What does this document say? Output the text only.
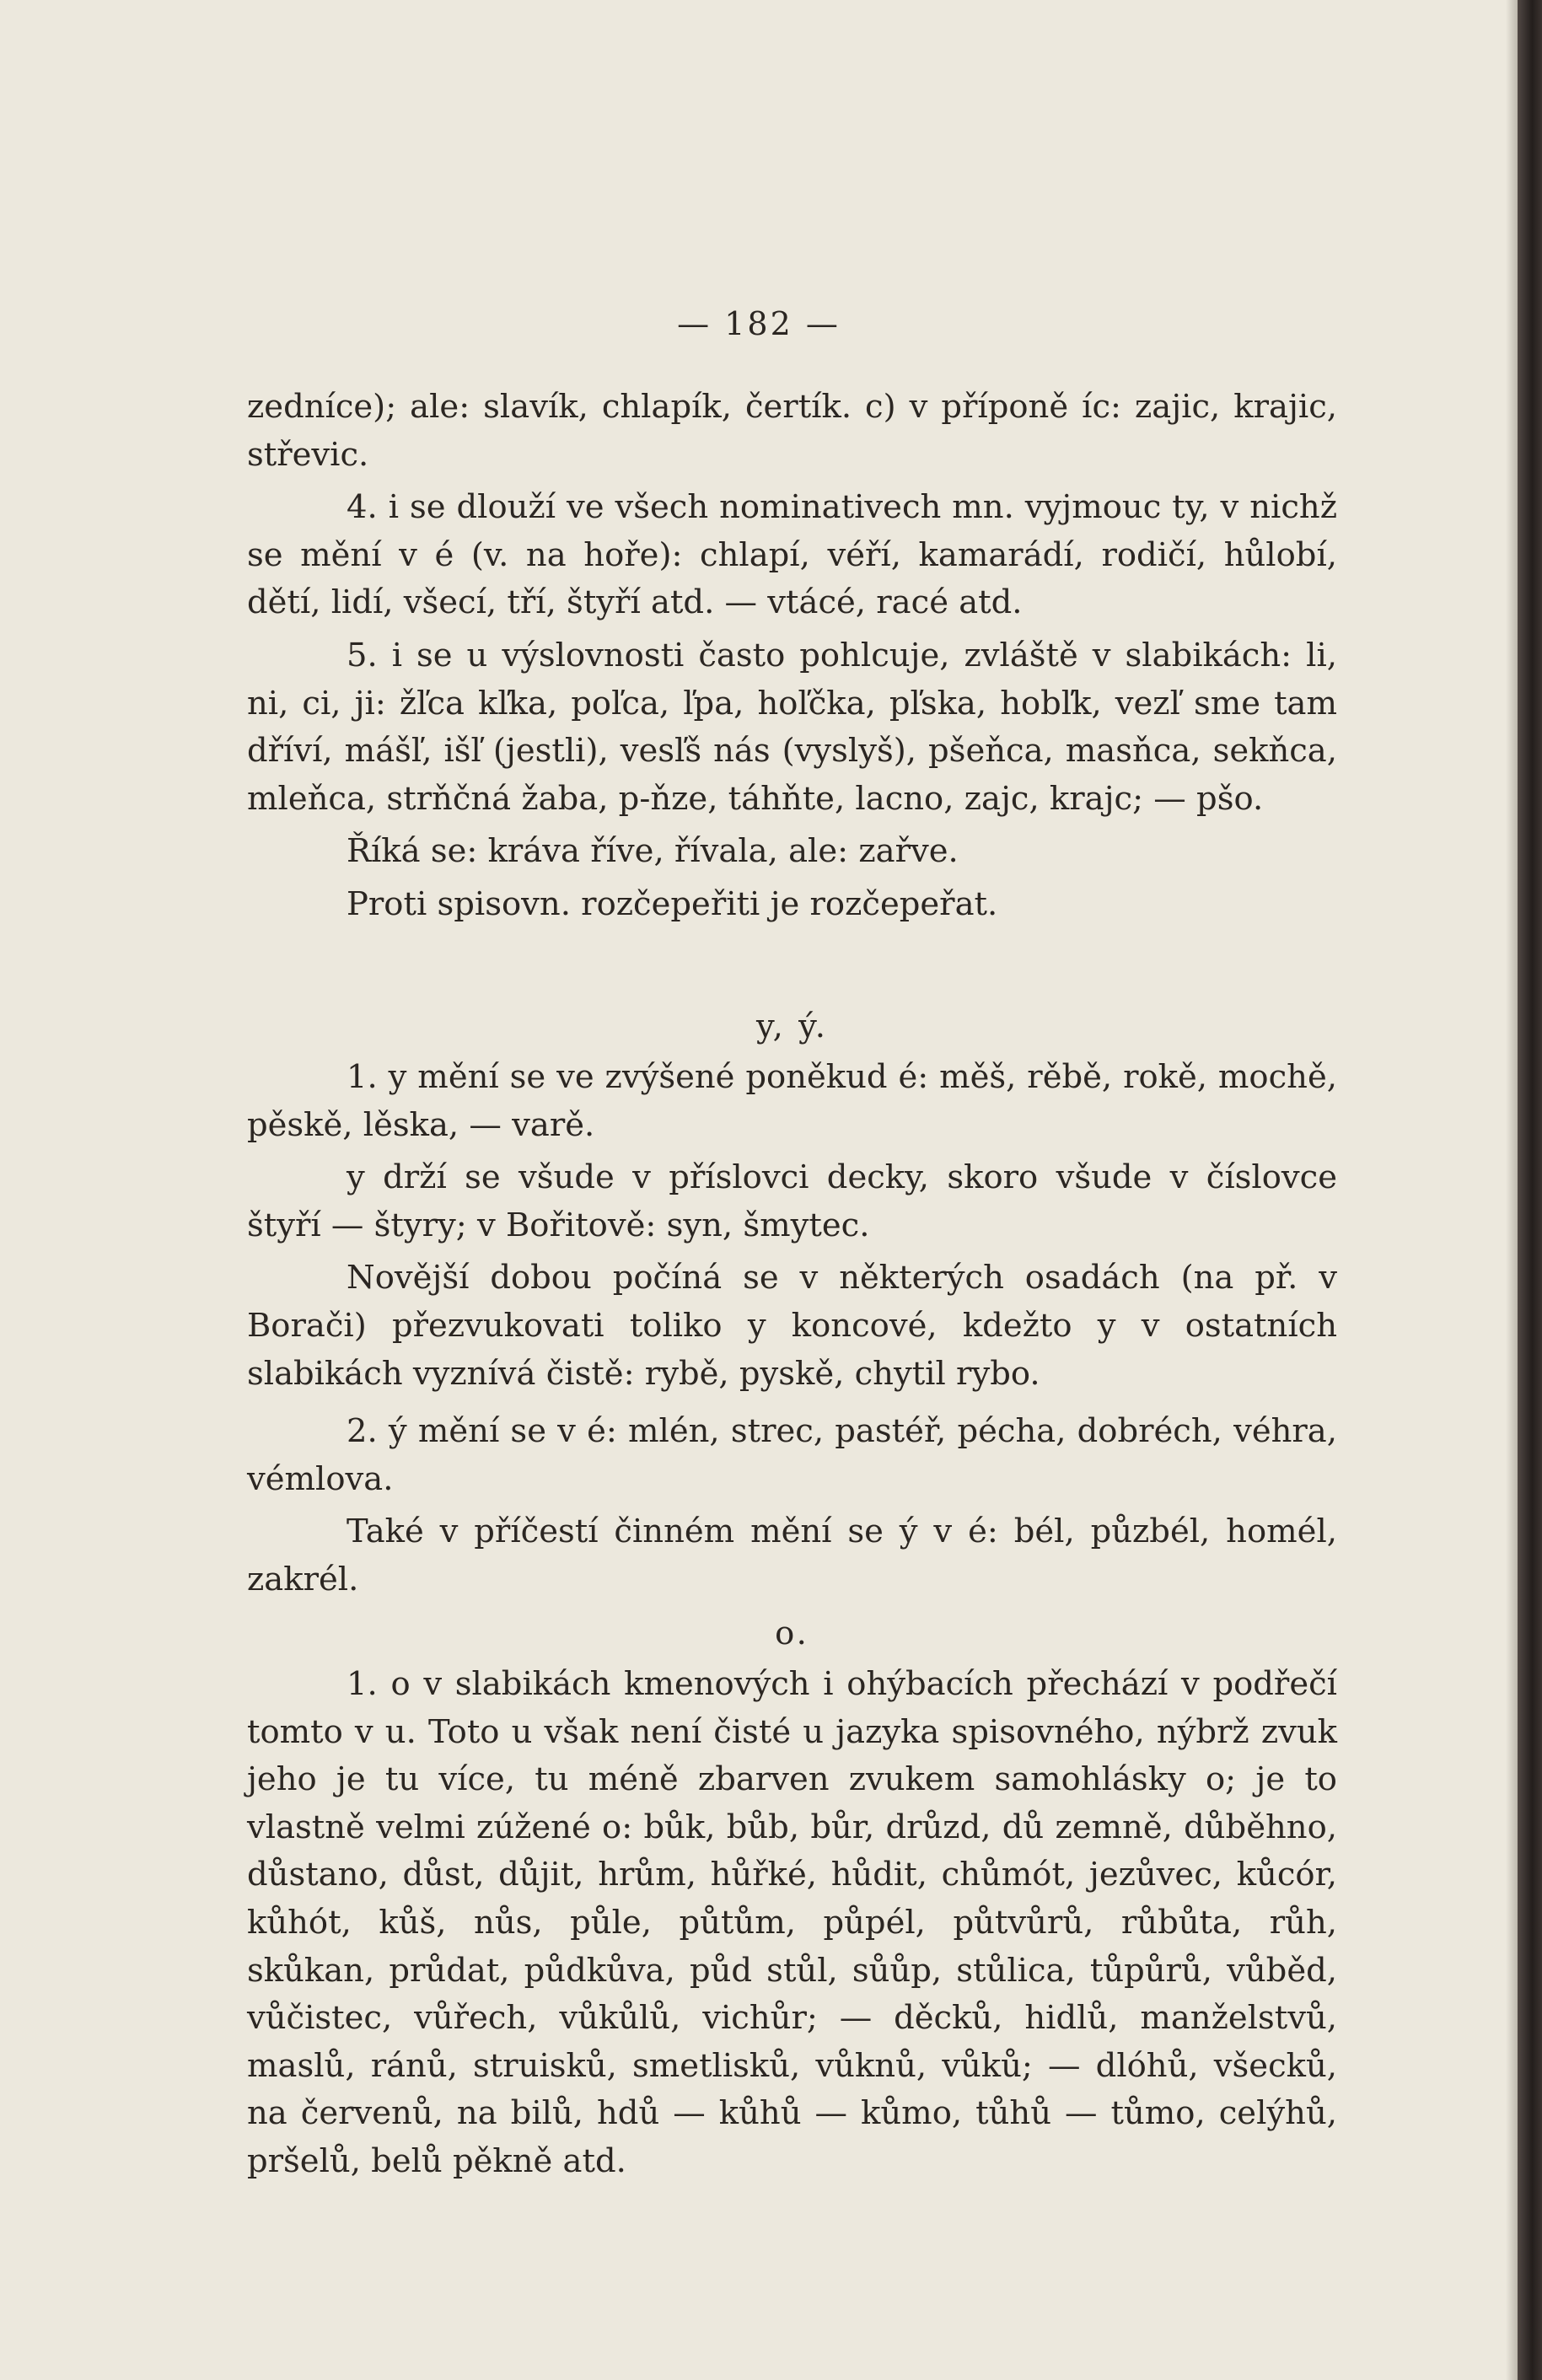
— 182 —

zedníce); ale: slavík, chlapík, čertík. c) v příponě íc: zajic, krajic, střevic.

4. i se dlouží ve všech nominativech mn. vyjmouc ty, v nichž se mění v é (v. na hoře): chlapí, véří, kamarádí, rodičí, hůlobí, dětí, lidí, všecí, tří, štyří atd. — vtácé, racé atd.

5. i se u výslovnosti často pohlcuje, zvláště v slabikách: li, ni, ci, ji: žľca kľka, poľca, ľpa, hoľčka, pľska, hobľk, vezľ sme tam dříví, mášľ, išľ (jestli), vesľš nás (vyslyš), pšeňca, masňca, sekňca, mleňca, strňčná žaba, p-ňze, táhňte, lacno, zajc, krajc; — pšo.

Říká se: kráva říve, řívala, ale: zařve.

Proti spisovn. rozčepeřiti je rozčepeřat.

y, ý.

1. y mění se ve zvýšené poněkud é: měš, rěbě, rokě, mochě, pěskě, lěska, — varě.

y drží se všude v příslovci decky, skoro všude v číslovce štyří — štyry; v Bořitově: syn, šmytec.

Novější dobou počíná se v některých osadách (na př. v Borači) přezvukovati toliko y koncové, kdežto y v ostatních slabikách vyznívá čistě: rybě, pyskě, chytil rybo.

2. ý mění se v é: mlén, strec, pastéř, pécha, dobréch, véhra, vémlova.

Také v příčestí činném mění se ý v é: bél, půzbél, homél, zakrél.

o.

1. o v slabikách kmenových i ohýbacích přechází v podřečí tomto v u. Toto u však není čisté u jazyka spisovného, nýbrž zvuk jeho je tu více, tu méně zbarven zvukem samohlásky o; je to vlastně velmi zúžené o: bůk, bůb, bůr, drůzd, dů zemně, důběhno, důstano, důst, důjit, hrům, hůřké, hůdit, chůmót, jezůvec, kůcór, kůhót, kůš, nůs, půle, půtům, půpél, půtvůrů, růbůta, růh, skůkan, průdat, půdkůva, půd stůl, sůůp, stůlica, tůpůrů, vůběd, vůčistec, vůřech, vůkůlů, vichůr; — děcků, hidlů, manželstvů, maslů, ránů, struisků, smetlisků, vůknů, vůků; — dlóhů, všecků, na červenů, na bilů, hdů — kůhů — kůmo, tůhů — tůmo, celýhů, pršelů, belů pěkně atd.
